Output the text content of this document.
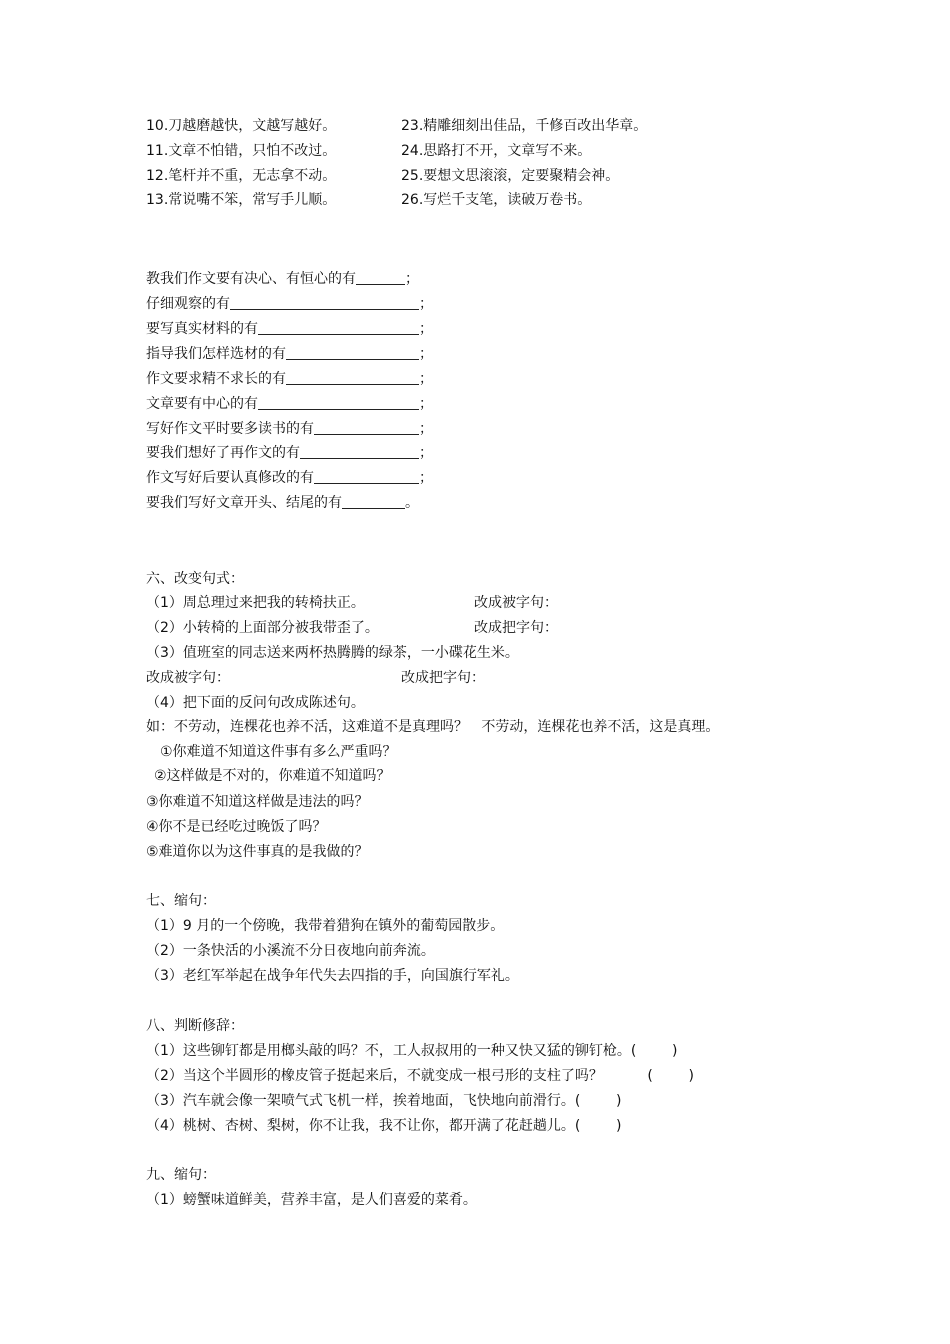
10.刀越磨越快，文越写越好。	23.精雕细刻出佳品，千修百改出华章。
11.文章不怕错，只怕不改过。	24.思路打不开，文章写不来。
12.笔杆并不重，无志拿不动。	25.要想文思滚滚，定要聚精会神。
13.常说嘴不笨，常写手儿顺。	26.写烂千支笔，读破万卷书。
教我们作文要有决心、有恒心的有	；
仔细观察的有	；
要写真实材料的有	；
指导我们怎样选材的有	；
作文要求精不求长的有	；
文章要有中心的有	；
写好作文平时要多读书的有	；
要我们想好了再作文的有	；
作文写好后要认真修改的有	；
要我们写好文章开头、结尾的有	。
六、改变句式：
（1）周总理过来把我的转椅扶正。	改成被字句：
（2）小转椅的上面部分被我带歪了。	改成把字句：
（3）值班室的同志送来两杯热腾腾的绿茶，一小碟花生米。
改成被字句：	改成把字句：
（4）把下面的反问句改成陈述句。
如：不劳动，连棵花也养不活，这难道不是真理吗？   不劳动，连棵花也养不活，这是真理。
①你难道不知道这件事有多么严重吗？
②这样做是不对的，你难道不知道吗？
③你难道不知道这样做是违法的吗？
④你不是已经吃过晚饭了吗？
⑤难道你以为这件事真的是我做的？
七、缩句：
（1）9 月的一个傍晚，我带着猎狗在镇外的葡萄园散步。
（2）一条快活的小溪流不分日夜地向前奔流。
（3）老红军举起在战争年代失去四指的手，向国旗行军礼。
八、判断修辞：
（1）这些铆钉都是用榔头敲的吗？不，工人叔叔用的一种又快又猛的铆钉枪。(        )
（2）当这个半圆形的橡皮管子挺起来后，不就变成一根弓形的支柱了吗？          (        )
（3）汽车就会像一架喷气式飞机一样，挨着地面，飞快地向前滑行。(        )
（4）桃树、杏树、梨树，你不让我，我不让你，都开满了花赶趟儿。(        )
九、缩句：
（1）螃蟹味道鲜美，营养丰富，是人们喜爱的菜肴。
